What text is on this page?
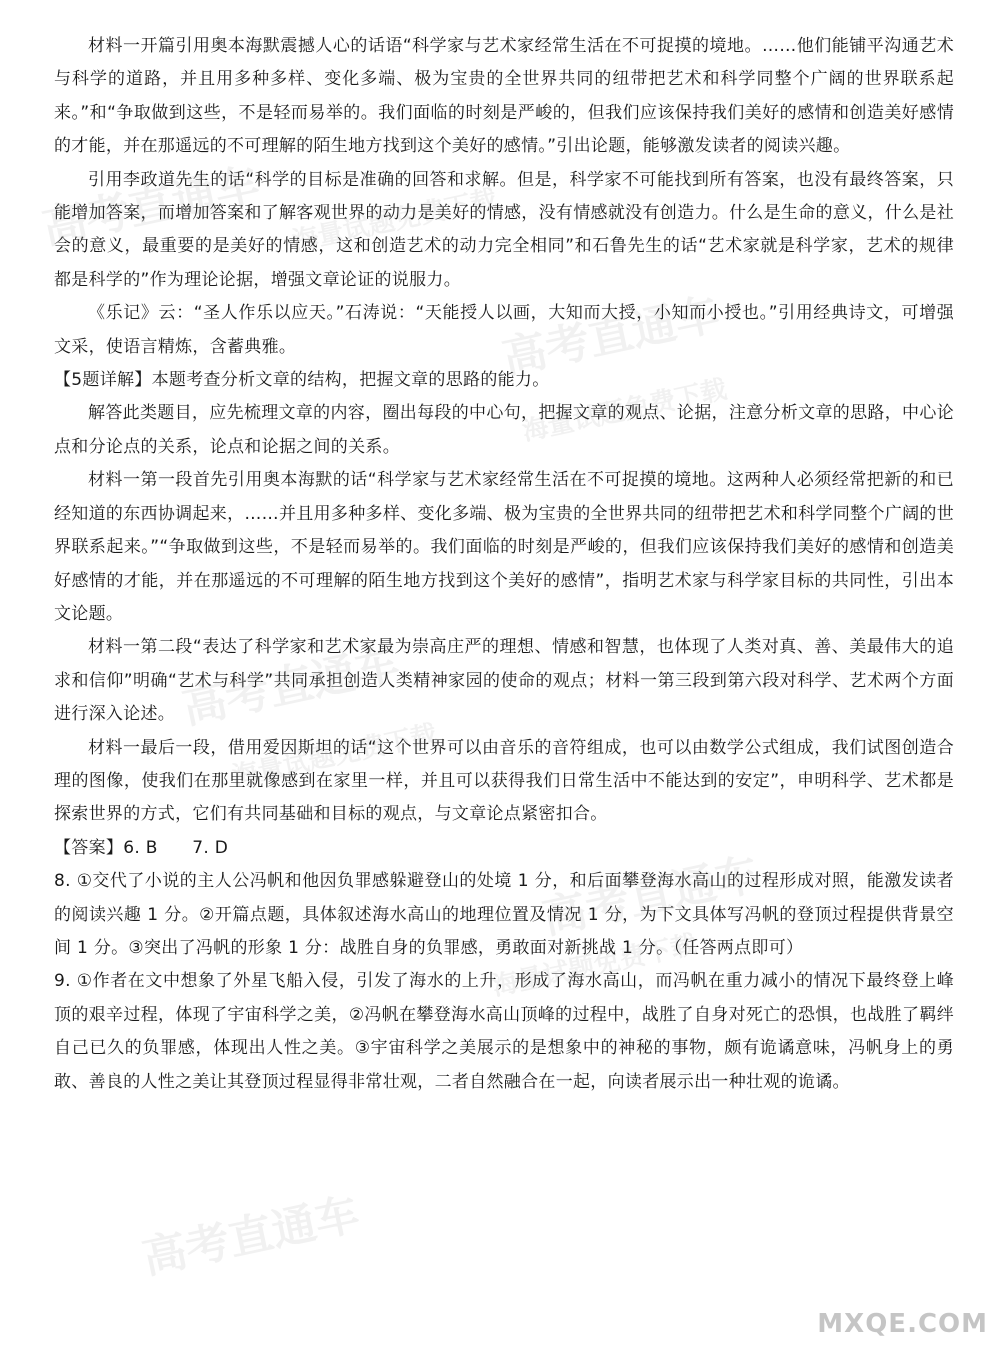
材料一开篇引用奥本海默震撼人心的话语“科学家与艺术家经常生活在不可捉摸的境地。……他们能铺平沟通艺术与科学的道路，并且用多种多样、变化多端、极为宝贵的全世界共同的纽带把艺术和科学同整个广阔的世界联系起来。”和“争取做到这些，不是轻而易举的。我们面临的时刻是严峻的，但我们应该保持我们美好的感情和创造美好感情的才能，并在那遥远的不可理解的陌生地方找到这个美好的感情。”引出论题，能够激发读者的阅读兴趣。

引用李政道先生的话“科学的目标是准确的回答和求解。但是，科学家不可能找到所有答案，也没有最终答案，只能增加答案，而增加答案和了解客观世界的动力是美好的情感，没有情感就没有创造力。什么是生命的意义，什么是社会的意义，最重要的是美好的情感，这和创造艺术的动力完全相同”和石鲁先生的话“艺术家就是科学家，艺术的规律都是科学的”作为理论论据，增强文章论证的说服力。

《乐记》云：“圣人作乐以应天。”石涛说：“天能授人以画，大知而大授，小知而小授也。”引用经典诗文，可增强文采，使语言精炼，含蓄典雅。

【5题详解】本题考查分析文章的结构，把握文章的思路的能力。

解答此类题目，应先梳理文章的内容，圈出每段的中心句，把握文章的观点、论据，注意分析文章的思路，中心论点和分论点的关系，论点和论据之间的关系。

材料一第一段首先引用奥本海默的话“科学家与艺术家经常生活在不可捉摸的境地。这两种人必须经常把新的和已经知道的东西协调起来，……并且用多种多样、变化多端、极为宝贵的全世界共同的纽带把艺术和科学同整个广阔的世界联系起来。”“争取做到这些，不是轻而易举的。我们面临的时刻是严峻的，但我们应该保持我们美好的感情和创造美好感情的才能，并在那遥远的不可理解的陌生地方找到这个美好的感情”，指明艺术家与科学家目标的共同性，引出本文论题。

材料一第二段“表达了科学家和艺术家最为崇高庄严的理想、情感和智慧，也体现了人类对真、善、美最伟大的追求和信仰”明确“艺术与科学”共同承担创造人类精神家园的使命的观点；材料一第三段到第六段对科学、艺术两个方面进行深入论述。

材料一最后一段，借用爱因斯坦的话“这个世界可以由音乐的音符组成，也可以由数学公式组成，我们试图创造合理的图像，使我们在那里就像感到在家里一样，并且可以获得我们日常生活中不能达到的安定”，申明科学、艺术都是探索世界的方式，它们有共同基础和目标的观点，与文章论点紧密扣合。

【答案】6. B　　7. D

8. ①交代了小说的主人公冯帆和他因负罪感躲避登山的处境 1 分，和后面攀登海水高山的过程形成对照，能激发读者的阅读兴趣 1 分。②开篇点题，具体叙述海水高山的地理位置及情况 1 分，为下文具体写冯帆的登顶过程提供背景空间 1 分。③突出了冯帆的形象 1 分：战胜自身的负罪感，勇敢面对新挑战 1 分。（任答两点即可）

9. ①作者在文中想象了外星飞船入侵，引发了海水的上升，形成了海水高山，而冯帆在重力减小的情况下最终登上峰顶的艰辛过程，体现了宇宙科学之美，②冯帆在攀登海水高山顶峰的过程中，战胜了自身对死亡的恐惧，也战胜了羁绊自己已久的负罪感，体现出人性之美。③宇宙科学之美展示的是想象中的神秘的事物，颇有诡谲意味，冯帆身上的勇敢、善良的人性之美让其登顶过程显得非常壮观，二者自然融合在一起，向读者展示出一种壮观的诡谲。

高考直通车 海量试题免费下载
高考直通车
海量试题免费下载
高考直通车
海量试题免费下载
高考直通车
海量试题免费下载
高考直通车
MXQE.COM
